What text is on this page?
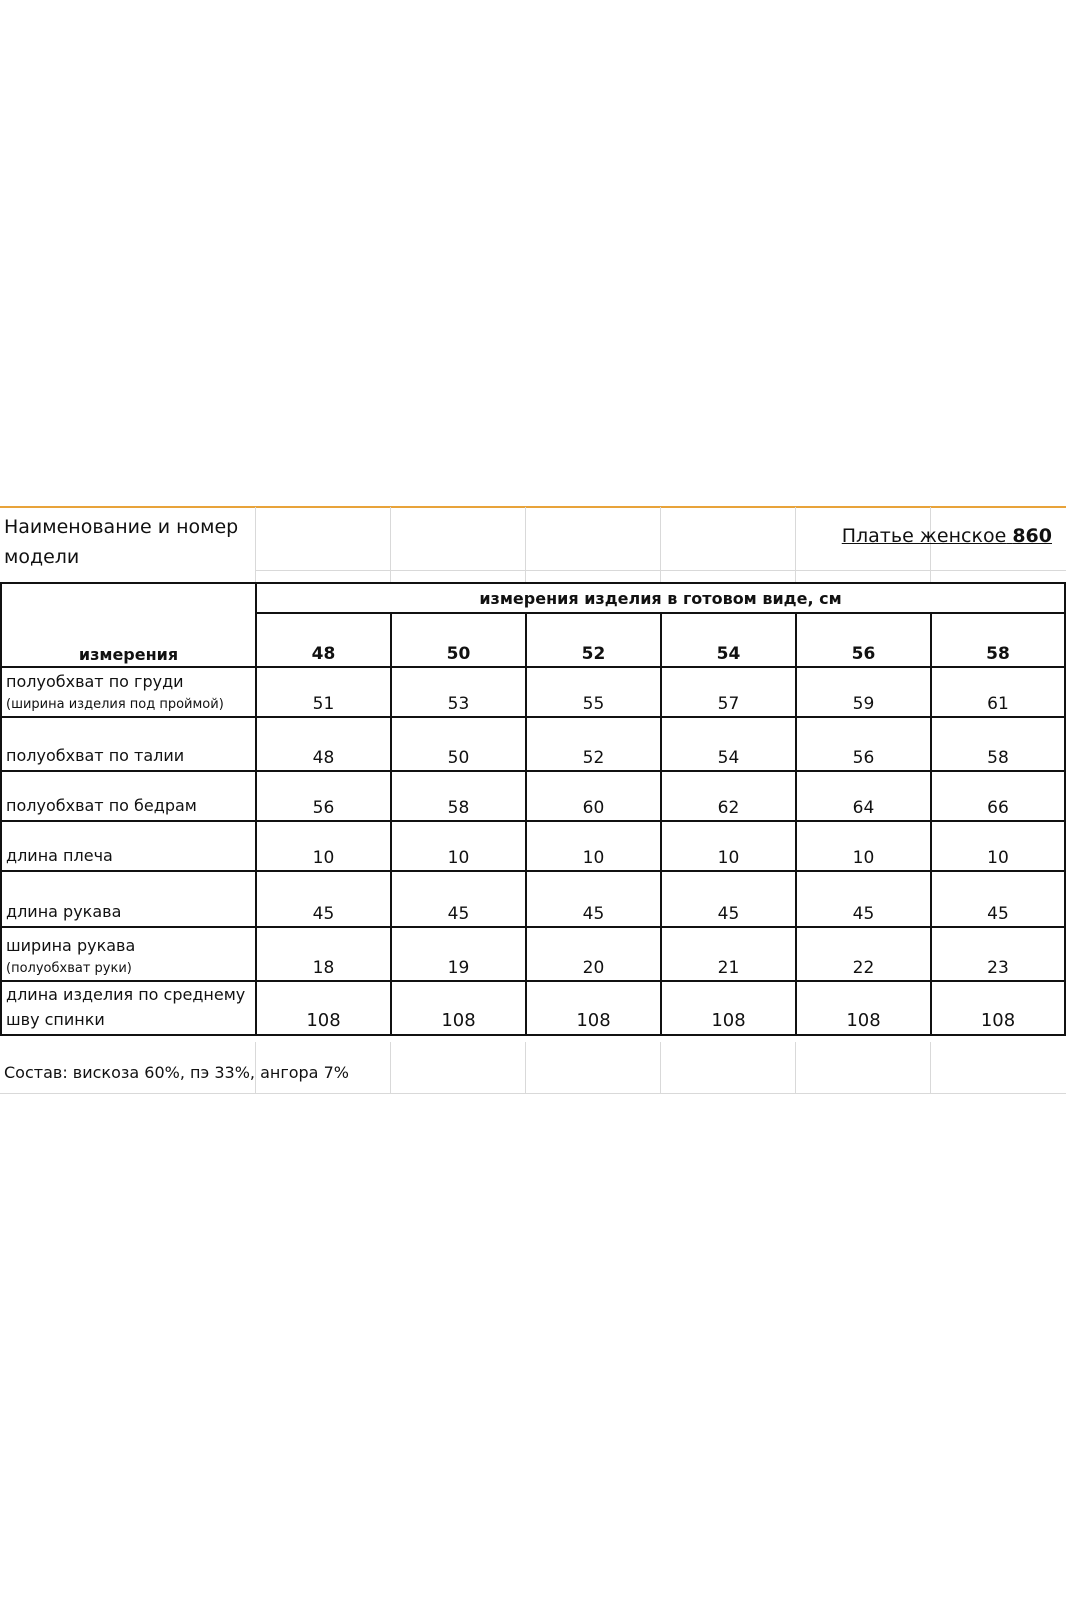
Наименование и номер модели
Платье женское 860
измерения	измерения изделия в готовом виде, см					
	48	50	52	54	56	58

полуобхват по груди
(ширина изделия под проймой)	51	53	55	57	59	61

полуобхват по талии	48	50	52	54	56	58

полуобхват по бедрам	56	58	60	62	64	66

длина плеча	10	10	10	10	10	10

длина рукава	45	45	45	45	45	45

ширина рукава
(полуобхват руки)	18	19	20	21	22	23

длина изделия по среднему шву спинки	108	108	108	108	108	108
Состав: вискоза 60%, пэ 33%, ангора 7%
